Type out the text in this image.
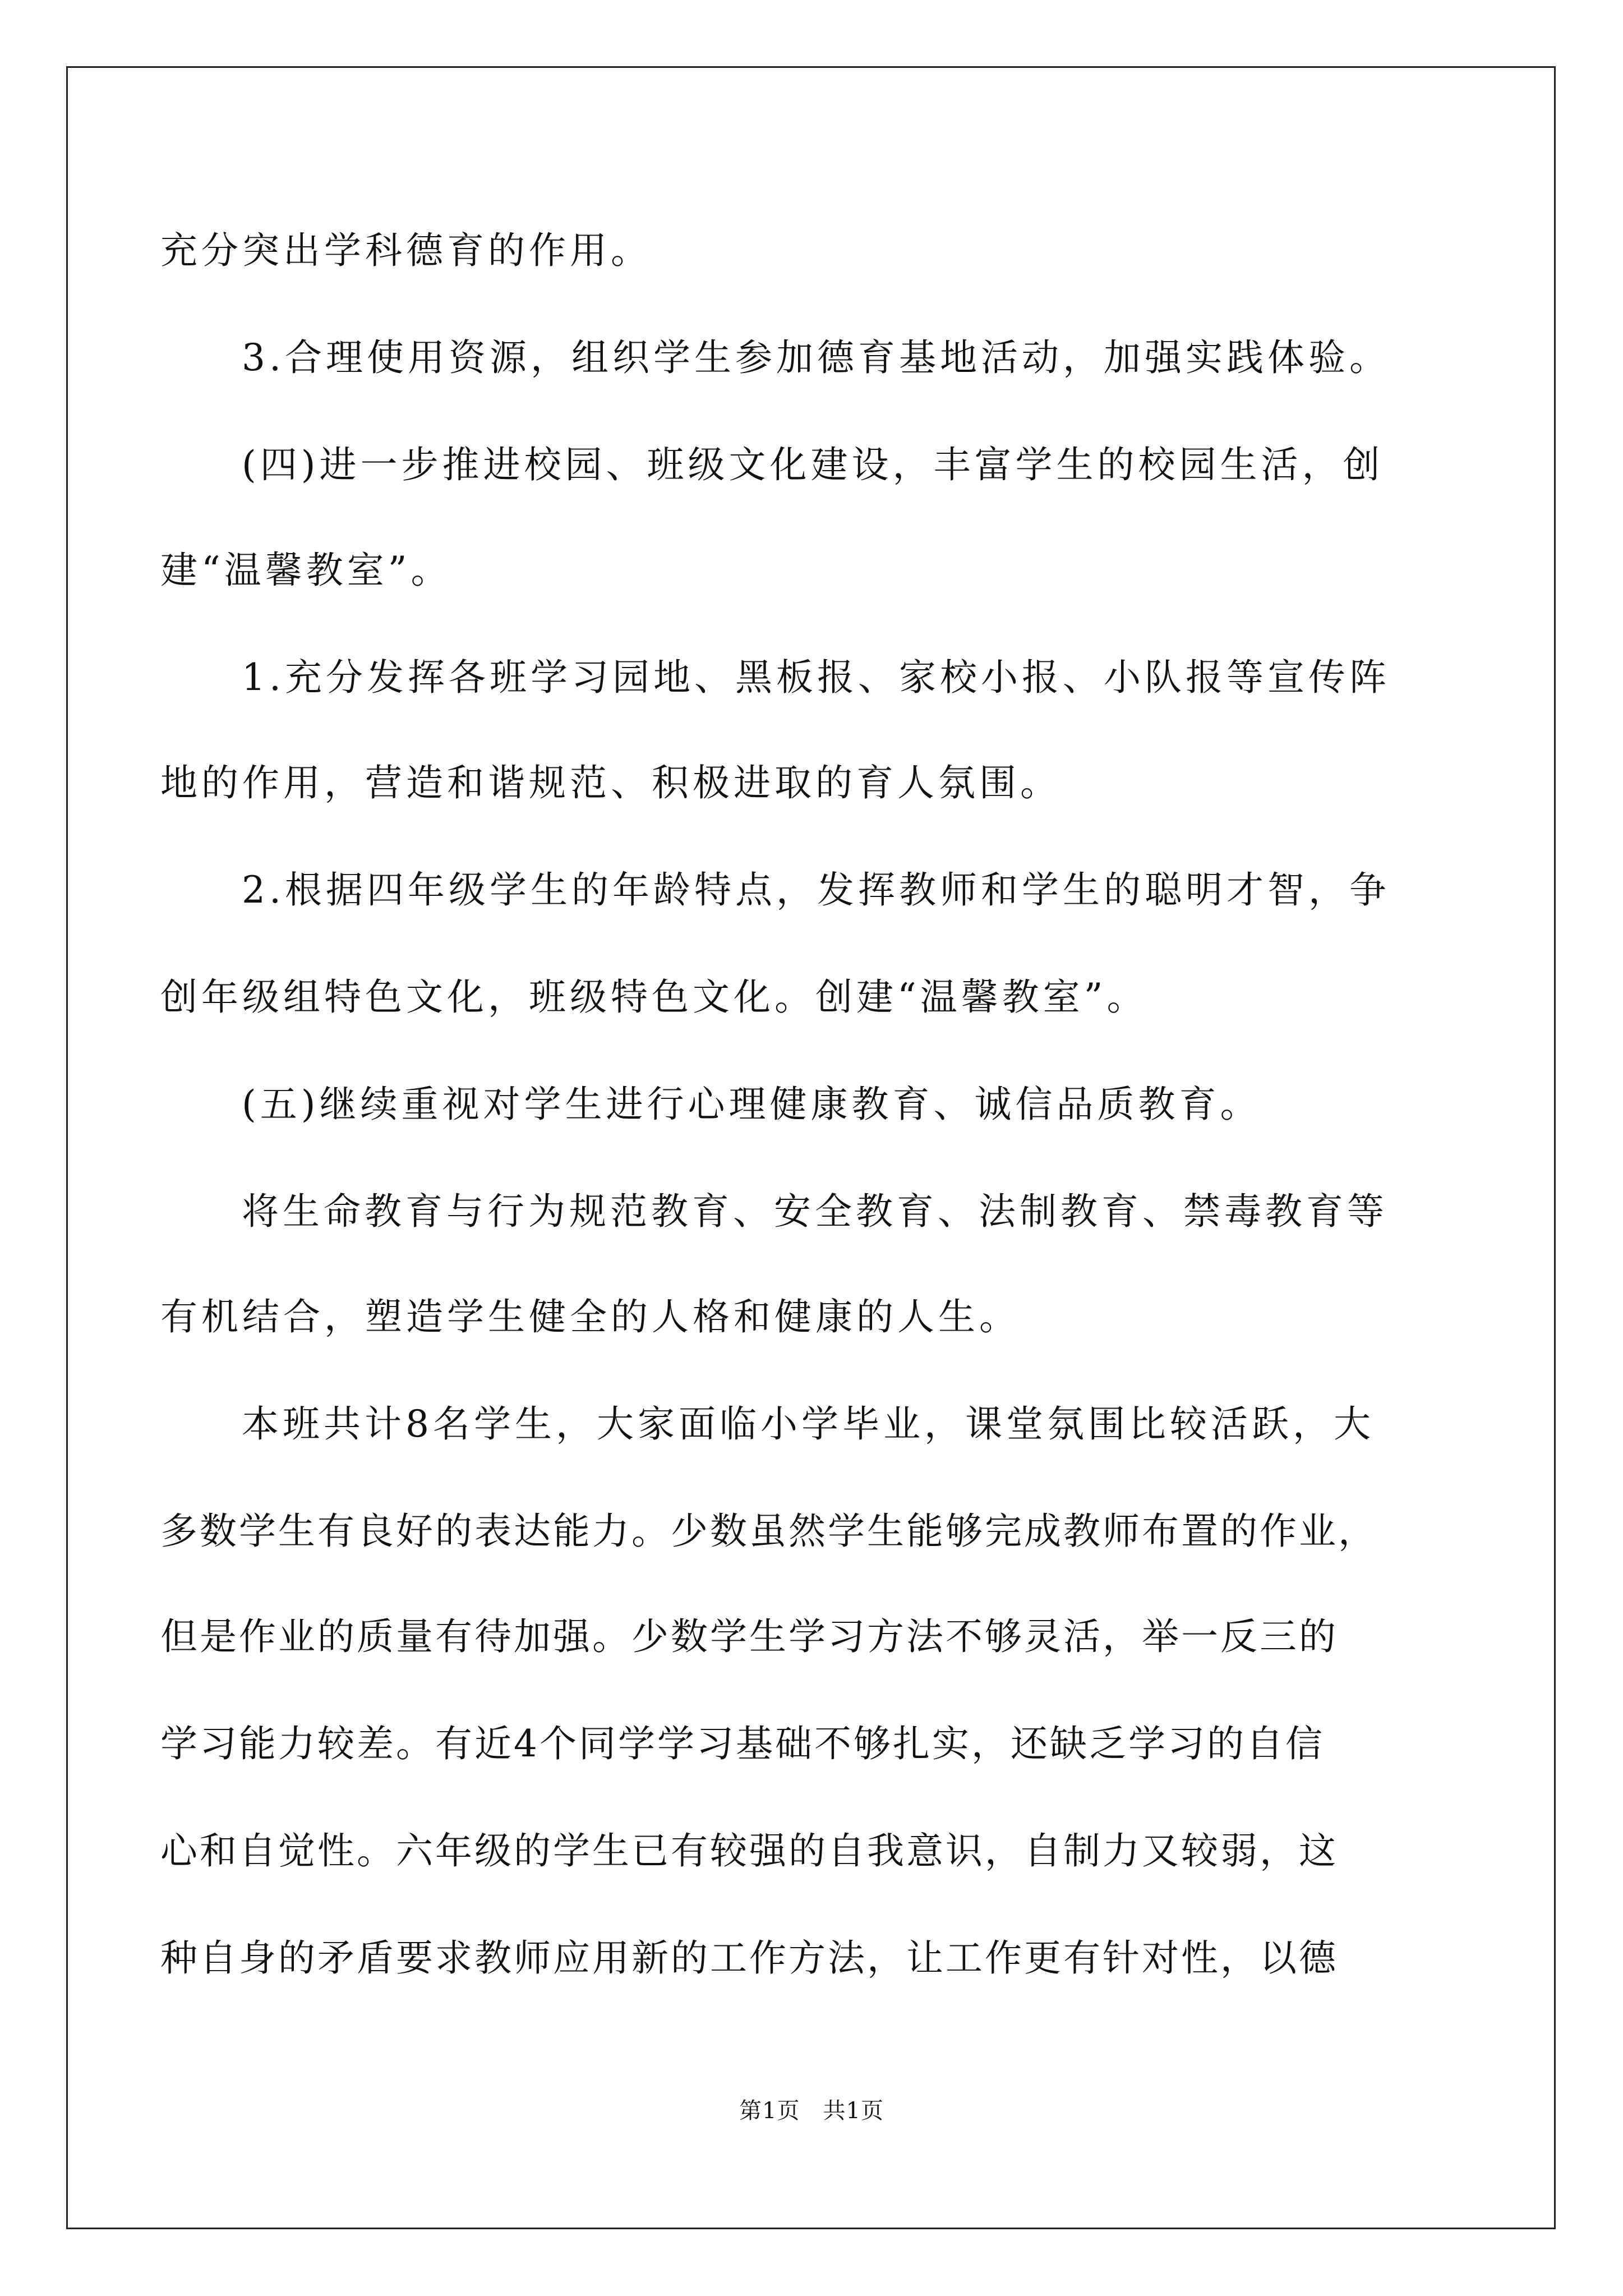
充分突出学科德育的作用。
3.合理使用资源，组织学生参加德育基地活动，加强实践体验。
(四)进一步推进校园、班级文化建设，丰富学生的校园生活，创
建“温馨教室”。
1.充分发挥各班学习园地、黑板报、家校小报、小队报等宣传阵
地的作用，营造和谐规范、积极进取的育人氛围。
2.根据四年级学生的年龄特点，发挥教师和学生的聪明才智，争
创年级组特色文化，班级特色文化。创建“温馨教室”。
(五)继续重视对学生进行心理健康教育、诚信品质教育。
将生命教育与行为规范教育、安全教育、法制教育、禁毒教育等
有机结合，塑造学生健全的人格和健康的人生。
本班共计8名学生，大家面临小学毕业，课堂氛围比较活跃，大
多数学生有良好的表达能力。少数虽然学生能够完成教师布置的作业，
但是作业的质量有待加强。少数学生学习方法不够灵活，举一反三的
学习能力较差。有近4个同学学习基础不够扎实，还缺乏学习的自信
心和自觉性。六年级的学生已有较强的自我意识，自制力又较弱，这
种自身的矛盾要求教师应用新的工作方法，让工作更有针对性，以德
第1页　共1页
